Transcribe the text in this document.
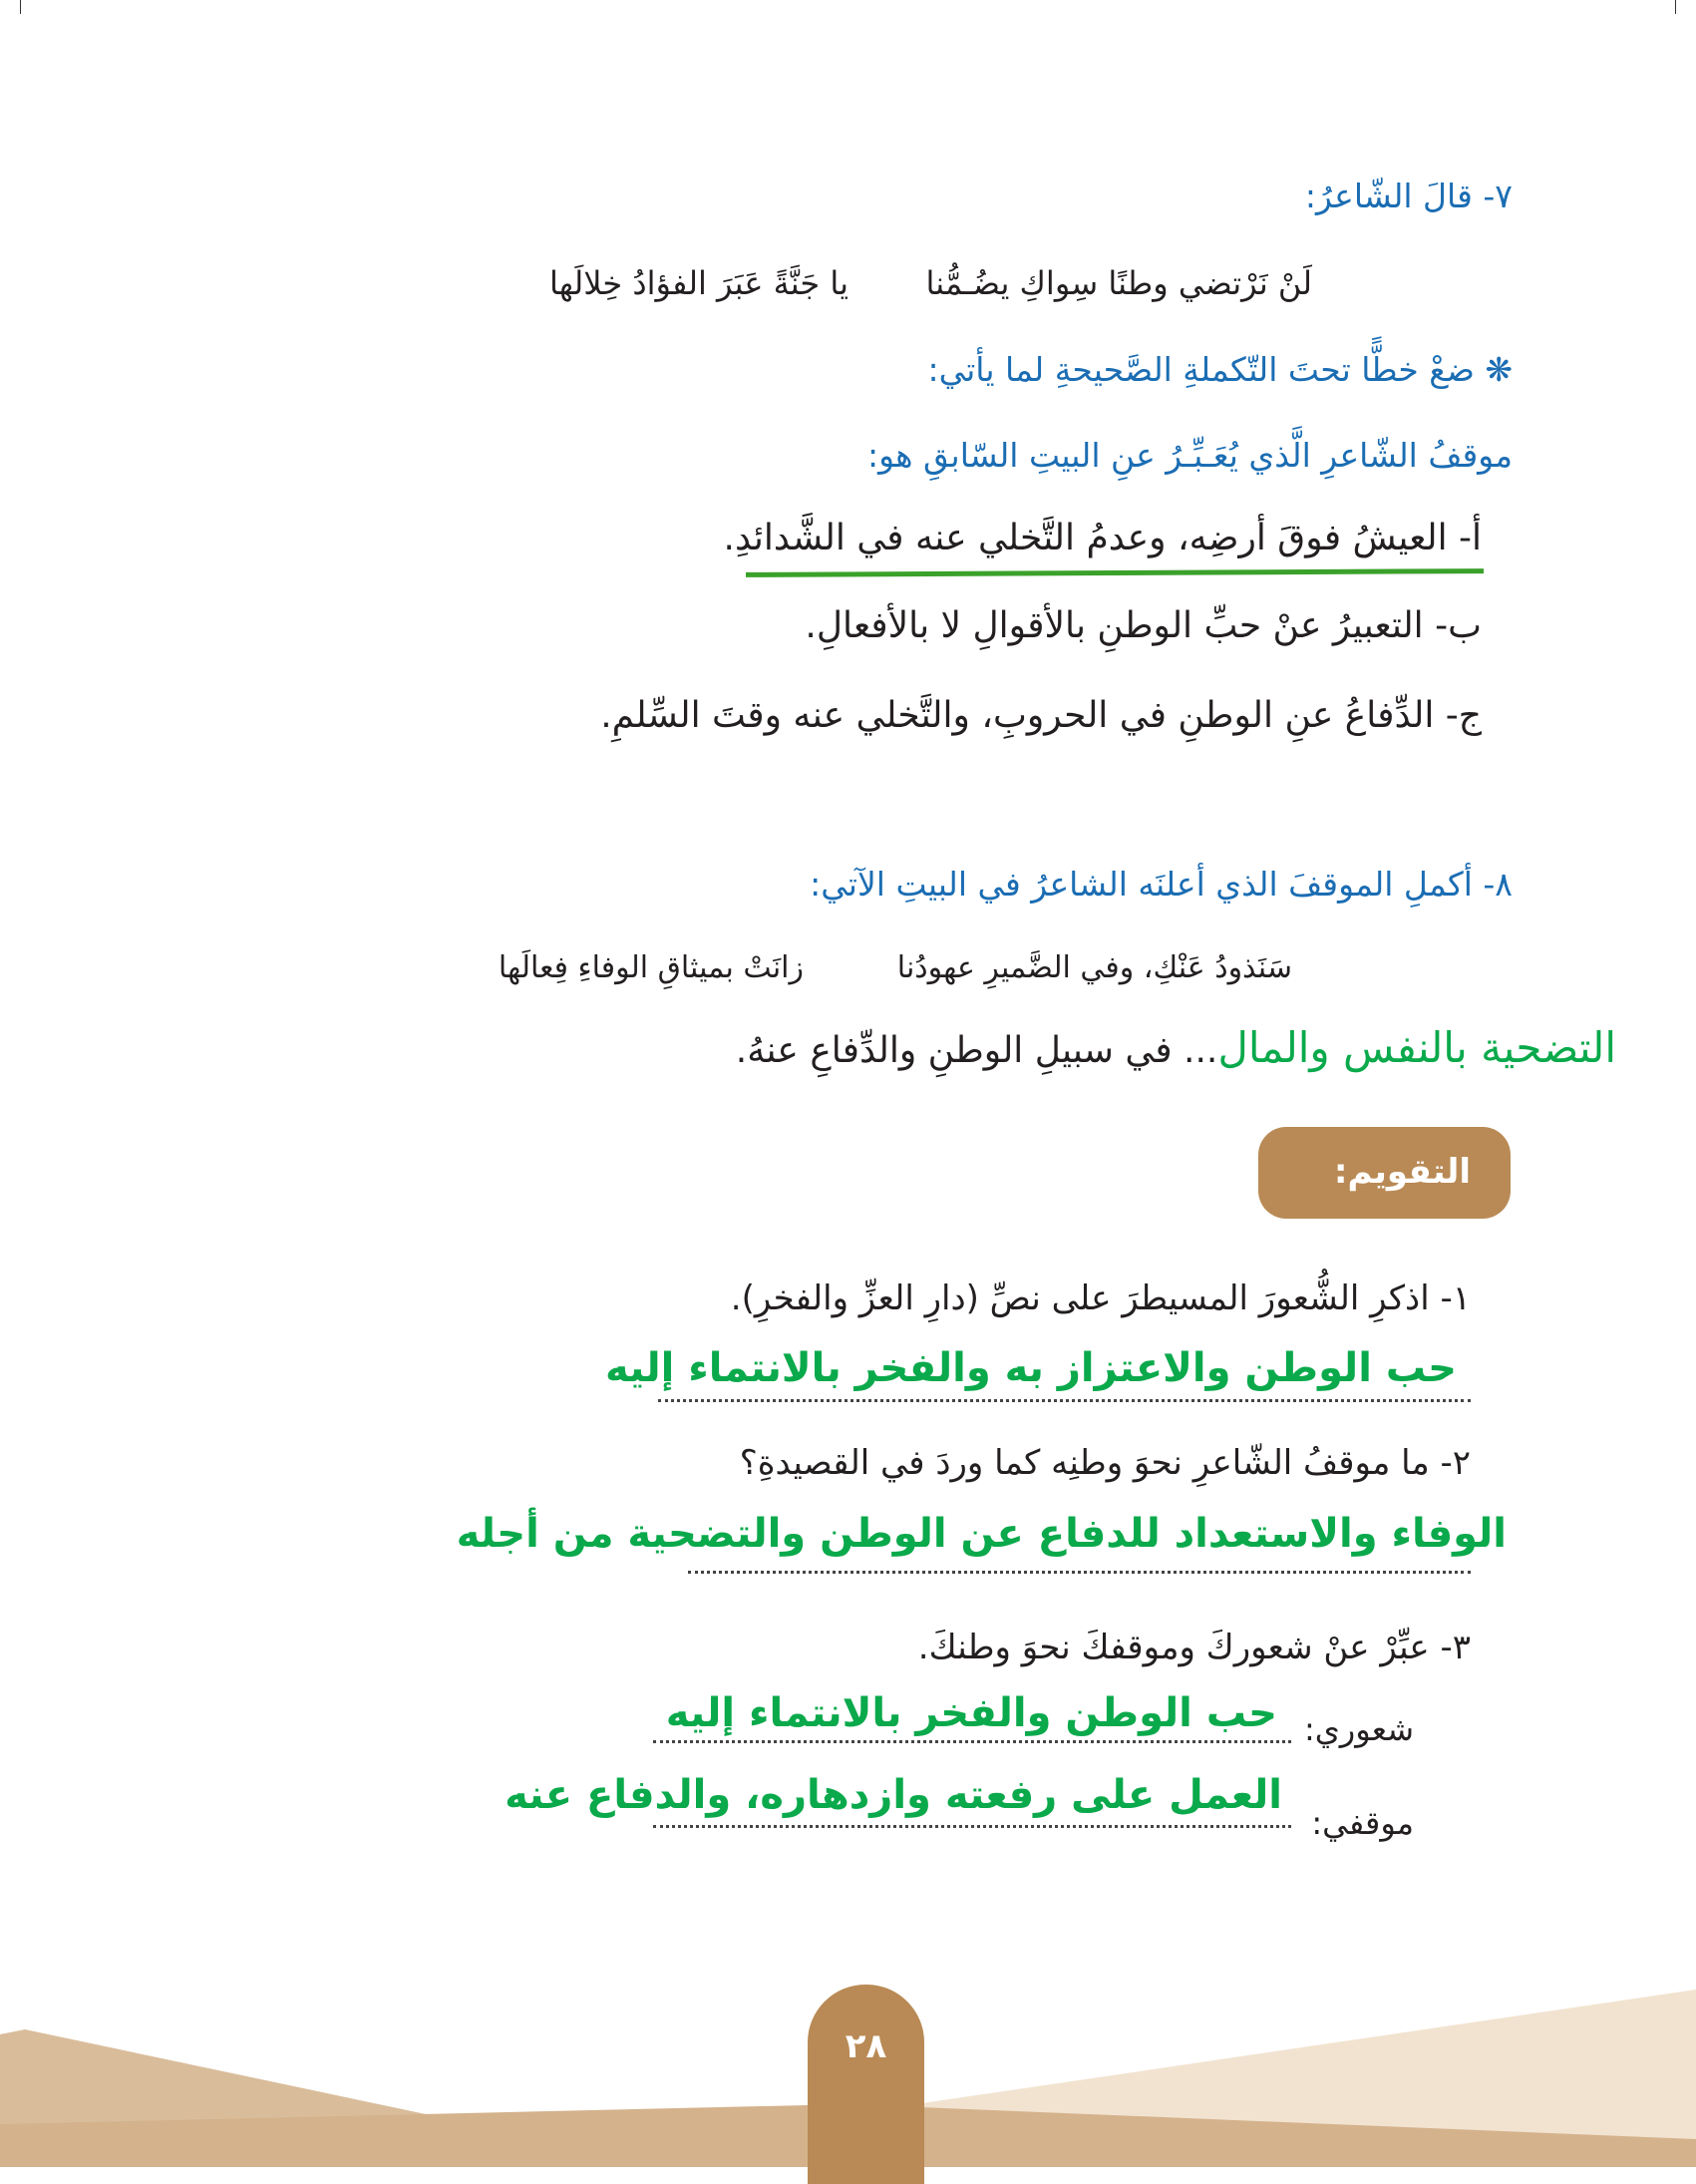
٧- قالَ الشّاعرُ:
لَنْ نَرْتضي وطنًا سِواكِ يضُـمُّنا
يا جَنَّةً عَبَرَ الفؤادُ خِلالَها
❋ ضعْ خطًّا تحتَ التّكملةِ الصَّحيحةِ لما يأتي:
موقفُ الشّاعرِ الَّذي يُعَـبِّـرُ عنِ البيتِ السّابقِ هو:
أ- العيشُ فوقَ أرضِه، وعدمُ التَّخلي عنه في الشَّدائدِ.
ب- التعبيرُ عنْ حبِّ الوطنِ بالأقوالِ لا بالأفعالِ.
ج- الدِّفاعُ عنِ الوطنِ في الحروبِ، والتَّخلي عنه وقتَ السِّلمِ.
٨- أكملِ الموقفَ الذي أعلنَه الشاعرُ في البيتِ الآتي:
سَنَذودُ عَنْكِ، وفي الضَّميرِ عهودُنا
زانَتْ بميثاقِ الوفاءِ فِعالَها
التضحية بالنفس والمال... في سبيلِ الوطنِ والدِّفاعِ عنهُ.
التقويم:
١- اذكرِ الشُّعورَ المسيطرَ على نصِّ (دارِ العزِّ والفخرِ).
حب الوطن والاعتزاز به والفخر بالانتماء إليه
٢- ما موقفُ الشّاعرِ نحوَ وطنِه كما وردَ في القصيدةِ؟
الوفاء والاستعداد للدفاع عن الوطن والتضحية من أجله
٣- عبِّرْ عنْ شعوركَ وموقفكَ نحوَ وطنكَ.
شعوري:
حب الوطن والفخر بالانتماء إليه
موقفي:
العمل على رفعته وازدهاره، والدفاع عنه
٢٨
